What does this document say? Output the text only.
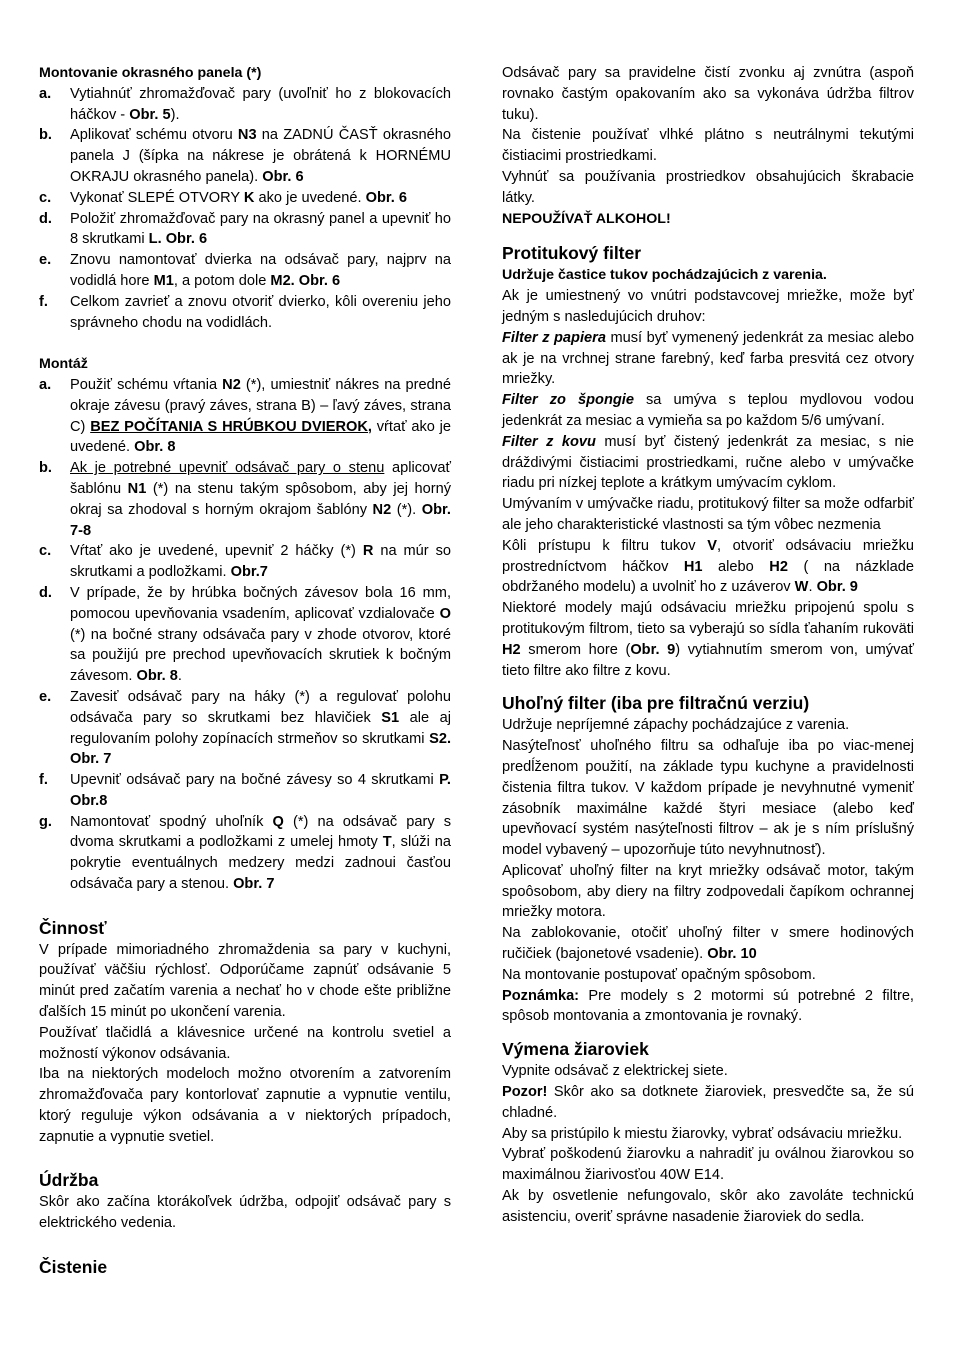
Montovanie okrasného panela (*)
a. Vytiahnúť zhromažďovač pary (uvoľniť ho z blokovacích háčkov - Obr. 5).
b. Aplikovať schému otvoru N3 na ZADNÚ ČASŤ okrasného panela J (šípka na nákrese je obrátená k HORNÉMU OKRAJU okrasného panela). Obr. 6
c. Vykonať SLEPÉ OTVORY K ako je uvedené. Obr. 6
d. Položiť zhromažďovač pary na okrasný panel a upevniť ho 8 skrutkami L. Obr. 6
e. Znovu namontovať dvierka na odsávač pary, najprv na vodidlá hore M1, a potom dole M2. Obr. 6
f. Celkom zavrieť a znovu otvoriť dvierko, kôli overeniu jeho správneho chodu na vodidlách.
Montáž
a. Použiť schému vŕtania N2 (*), umiestniť nákres na predné okraje závesu (pravý záves, strana B) – ľavý záves, strana C) BEZ POČÍTANIA S HRÚBKOU DVIEROK, vŕtať ako je uvedené. Obr. 8
b. Ak je potrebné upevniť odsávač pary o stenu aplicovať šablónu N1 (*) na stenu takým spôsobom, aby jej horný okraj sa zhodoval s horným okrajom šablóny N2 (*). Obr. 7-8
c. Vŕtať ako je uvedené, upevniť 2 háčky (*) R na múr so skrutkami a podložkami. Obr.7
d. V prípade, že by hrúbka bočných závesov bola 16 mm, pomocou upevňovania vsadením, aplicovať vzdialovače O (*) na bočné strany odsávača pary v zhode otvorov, ktoré sa použijú pre prechod upevňovacích skrutiek k bočným závesom. Obr. 8.
e. Zavesiť odsávač pary na háky (*) a regulovať polohu odsávača pary so skrutkami bez hlavičiek S1 ale aj regulovaním polohy zopínacích strmeňov so skrutkami S2. Obr. 7
f. Upevniť odsávač pary na bočné závesy so 4 skrutkami P. Obr.8
g. Namontovať spodný uhoľník Q (*) na odsávač pary s dvoma skrutkami a podložkami z umelej hmoty T, slúži na pokrytie eventuálnych medzery medzi zadnoui časťou odsávača pary a stenou. Obr. 7
Činnosť

V prípade mimoriadného zhromaždenia sa pary v kuchyni, používať väčšiu rýchlosť. Odporúčame zapnúť odsávanie 5 minút pred začatím varenia a nechať ho v chode ešte približne ďalších 15 minút po ukončení varenia.

Používať tlačidlá a klávesnice určené na kontrolu svetiel a možností výkonov odsávania.

Iba na niektorých modeloch možno otvorením a zatvorením zhromažďovača pary kontorlovať zapnutie a vypnutie ventilu, ktorý reguluje výkon odsávania a v niektorých prípadoch, zapnutie a vypnutie svetiel.

Údržba

Skôr ako začína ktorákoľvek údržba, odpojiť odsávač pary s elektrického vedenia.

Čistenie

Odsávač pary sa pravidelne čistí zvonku aj zvnútra (aspoň rovnako častým opakovaním ako sa vykonáva údržba filtrov tuku).

Na čistenie používať vlhké plátno s neutrálnymi tekutými čistiacimi prostriedkami.

Vyhnúť sa používania prostriedkov obsahujúcich škrabacie látky.

NEPOUŽÍVAŤ ALKOHOL!

Protitukový filter
Udržuje častice tukov pochádzajúcich z varenia.

Ak je umiestnený vo vnútri podstavcovej mriežke, može byť jedným s nasledujúcich druhov:

Filter z papiera musí byť vymenený jedenkrát za mesiac alebo ak je na vrchnej strane farebný, keď farba presvitá cez otvory mriežky.

Filter zo špongie sa umýva s teplou mydlovou vodou jedenkrát za mesiac a vymieňa sa po každom 5/6 umývaní.

Filter z kovu musí byť čistený jedenkrát za mesiac, s nie dráždivými čistiacimi prostriedkami, ručne alebo v umývačke riadu pri nízkej teplote a krátkym umývacím cyklom.

Umývaním v umývačke riadu, protitukový filter sa može odfarbiť ale jeho charakteristické vlastnosti sa tým vôbec nezmenia

Kôli prístupu k filtru tukov V, otvoriť odsávaciu mriežku prostredníctvom háčkov H1 alebo H2 ( na názklade obdržaného modelu) a uvolniť ho z uzáverov W. Obr. 9

Niektoré modely majú odsávaciu mriežku pripojenú spolu s protitukovým filtrom, tieto sa vyberajú so sídla ťahaním rukoväti H2 smerom hore (Obr. 9) vytiahnutím smerom von, umývať tieto filtre ako filtre z kovu.

Uhoľný filter (iba pre filtračnú verziu)

Udržuje nepríjemné zápachy pochádzajúce z varenia.

Nasýteľnosť uhoľného filtru sa odhaľuje iba po viac-menej predĺženom použití, na základe typu kuchyne a pravidelnosti čistenia filtra tukov. V každom prípade je nevyhnutné vymeniť zásobník maximálne každé štyri mesiace (alebo keď upevňovací systém nasýteľnosti filtrov – ak je s ním príslušný model vybavený – upozorňuje túto nevyhnutnosť).

Aplicovať uhoľný filter na kryt mriežky odsávač motor, takým spoôsobom, aby diery na filtry zodpovedali čapíkom ochrannej mriežky motora.

Na zablokovanie, otočiť uhoľný filter v smere hodinových ručičiek (bajonetové vsadenie). Obr. 10

Na montovanie postupovať opačným spôsobom.

Poznámka: Pre modely s 2 motormi sú potrebné 2 filtre, spôsob montovania a zmontovania je rovnaký.

Výmena žiaroviek

Vypnite odsávač z elektrickej siete.

Pozor! Skôr ako sa dotknete žiaroviek, presvedčte sa, že sú chladné.

Aby sa pristúpilo k miestu žiarovky, vybrať odsávaciu mriežku.

Vybrať poškodenú žiarovku a nahradiť ju oválnou žiarovkou so maximálnou žiarivosťou 40W E14.

Ak by osvetlenie nefungovalo, skôr ako zavoláte technickú asistenciu, overiť správne nasadenie žiaroviek do sedla.
